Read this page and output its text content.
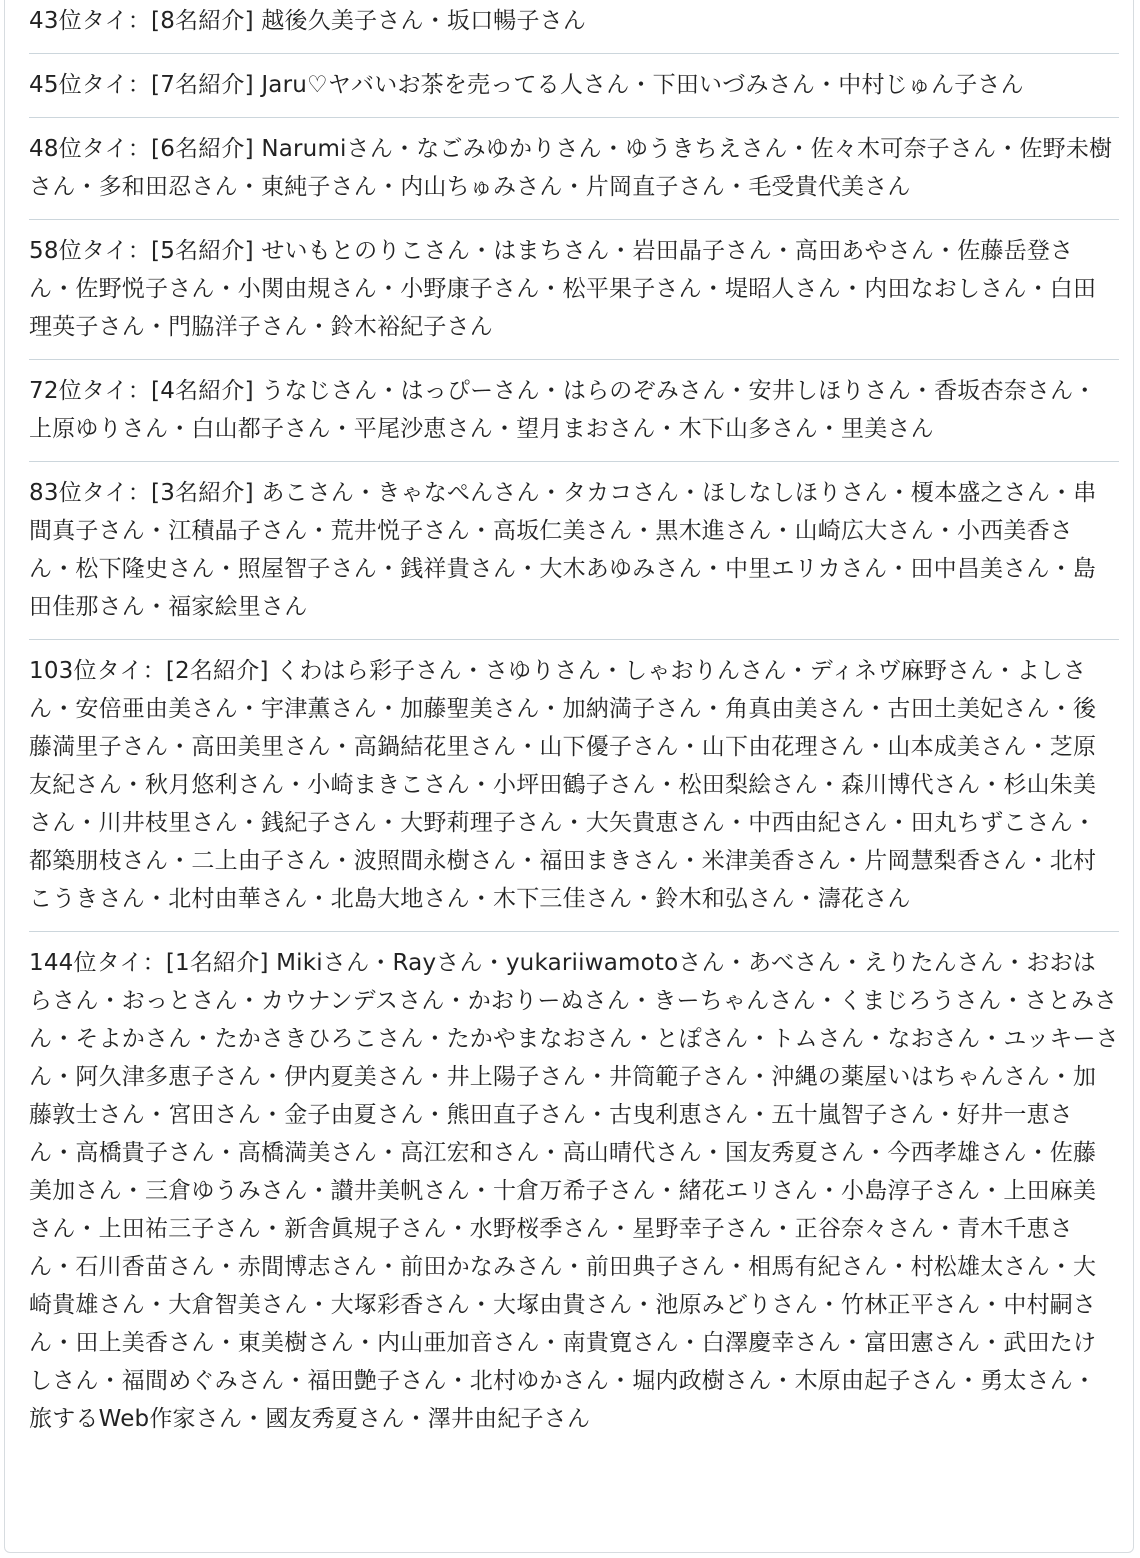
43位タイ：[8名紹介] 越後久美子さん・坂口暢子さん
45位タイ：[7名紹介] Jaru♡ヤバいお茶を売ってる人さん・下田いづみさん・中村じゅん子さん
48位タイ：[6名紹介] Narumiさん・なごみゆかりさん・ゆうきちえさん・佐々木可奈子さん・佐野未樹さん・多和田忍さん・東純子さん・内山ちゅみさん・片岡直子さん・毛受貴代美さん
58位タイ：[5名紹介] せいもとのりこさん・はまちさん・岩田晶子さん・高田あやさん・佐藤岳登さん・佐野悦子さん・小関由規さん・小野康子さん・松平果子さん・堤昭人さん・内田なおしさん・白田理英子さん・門脇洋子さん・鈴木裕紀子さん
72位タイ：[4名紹介] うなじさん・はっぴーさん・はらのぞみさん・安井しほりさん・香坂杏奈さん・上原ゆりさん・白山都子さん・平尾沙恵さん・望月まおさん・木下山多さん・里美さん
83位タイ：[3名紹介] あこさん・きゃなぺんさん・タカコさん・ほしなしほりさん・榎本盛之さん・串間真子さん・江積晶子さん・荒井悦子さん・高坂仁美さん・黒木進さん・山崎広大さん・小西美香さん・松下隆史さん・照屋智子さん・銭祥貴さん・大木あゆみさん・中里エリカさん・田中昌美さん・島田佳那さん・福家絵里さん
103位タイ：[2名紹介] くわはら彩子さん・さゆりさん・しゃおりんさん・ディネヴ麻野さん・よしさん・安倍亜由美さん・宇津薫さん・加藤聖美さん・加納満子さん・角真由美さん・古田土美妃さん・後藤満里子さん・高田美里さん・高鍋結花里さん・山下優子さん・山下由花理さん・山本成美さん・芝原友紀さん・秋月悠利さん・小崎まきこさん・小坪田鶴子さん・松田梨絵さん・森川博代さん・杉山朱美さん・川井枝里さん・銭紀子さん・大野莉理子さん・大矢貴恵さん・中西由紀さん・田丸ちずこさん・都築朋枝さん・二上由子さん・波照間永樹さん・福田まきさん・米津美香さん・片岡慧梨香さん・北村こうきさん・北村由華さん・北島大地さん・木下三佳さん・鈴木和弘さん・濤花さん
144位タイ：[1名紹介] Mikiさん・Rayさん・yukariiwamotoさん・あべさん・えりたんさん・おおはらさん・おっとさん・カウナンデスさん・かおりーぬさん・きーちゃんさん・くまじろうさん・さとみさん・そよかさん・たかさきひろこさん・たかやまなおさん・とぽさん・トムさん・なおさん・ユッキーさん・阿久津多恵子さん・伊内夏美さん・井上陽子さん・井筒範子さん・沖縄の薬屋いはちゃんさん・加藤敦士さん・宮田さん・金子由夏さん・熊田直子さん・古曳利恵さん・五十嵐智子さん・好井一恵さん・高橋貴子さん・高橋満美さん・高江宏和さん・高山晴代さん・国友秀夏さん・今西孝雄さん・佐藤美加さん・三倉ゆうみさん・讃井美帆さん・十倉万希子さん・緒花エリさん・小島淳子さん・上田麻美さん・上田祐三子さん・新舎眞規子さん・水野桜季さん・星野幸子さん・正谷奈々さん・青木千恵さん・石川香苗さん・赤間博志さん・前田かなみさん・前田典子さん・相馬有紀さん・村松雄太さん・大崎貴雄さん・大倉智美さん・大塚彩香さん・大塚由貴さん・池原みどりさん・竹林正平さん・中村嗣さん・田上美香さん・東美樹さん・内山亜加音さん・南貴寛さん・白澤慶幸さん・富田憲さん・武田たけしさん・福間めぐみさん・福田艶子さん・北村ゆかさん・堀内政樹さん・木原由起子さん・勇太さん・旅するWeb作家さん・國友秀夏さん・澤井由紀子さん
